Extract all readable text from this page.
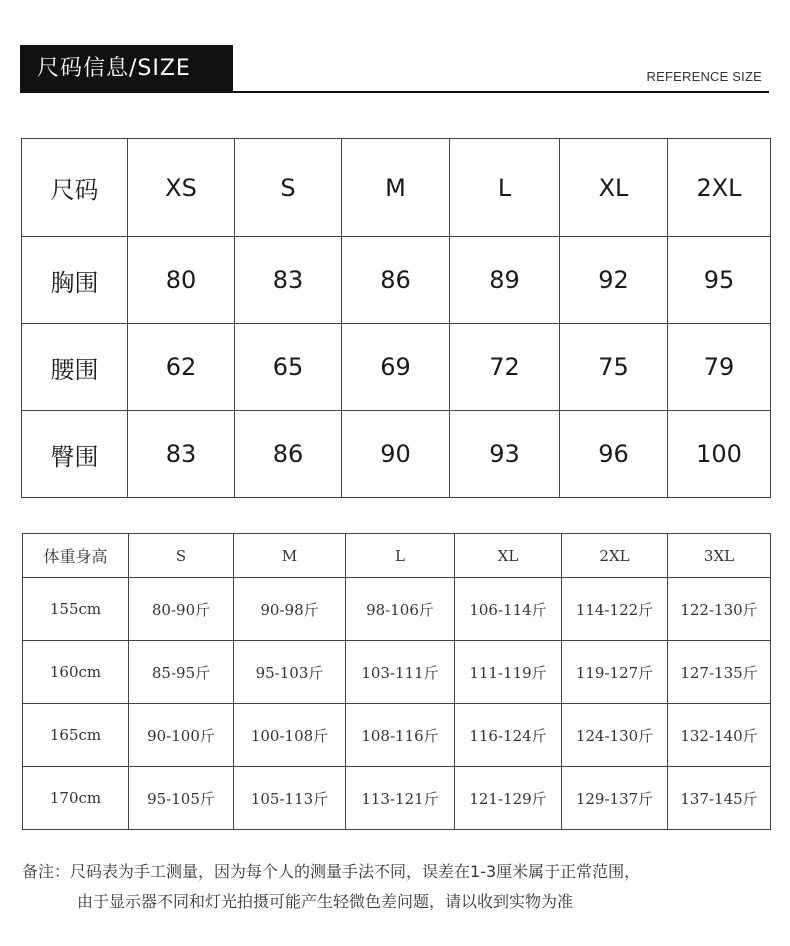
尺码信息/SIZE	REFERENCE SIZE
尺码	XS	S	M	L	XL	2XL
胸围	80	83	86	89	92	95
腰围	62	65	69	72	75	79
臀围	83	86	90	93	96	100
体重身高	S	M	L	XL	2XL	3XL
155cm	80-90斤	90-98斤	98-106斤	106-114斤	114-122斤	122-130斤
160cm	85-95斤	95-103斤	103-111斤	111-119斤	119-127斤	127-135斤
165cm	90-100斤	100-108斤	108-116斤	116-124斤	124-130斤	132-140斤
170cm	95-105斤	105-113斤	113-121斤	121-129斤	129-137斤	137-145斤
备注：尺码表为手工测量，因为每个人的测量手法不同，误差在1-3厘米属于正常范围，
由于显示器不同和灯光拍摄可能产生轻微色差问题，请以收到实物为准
